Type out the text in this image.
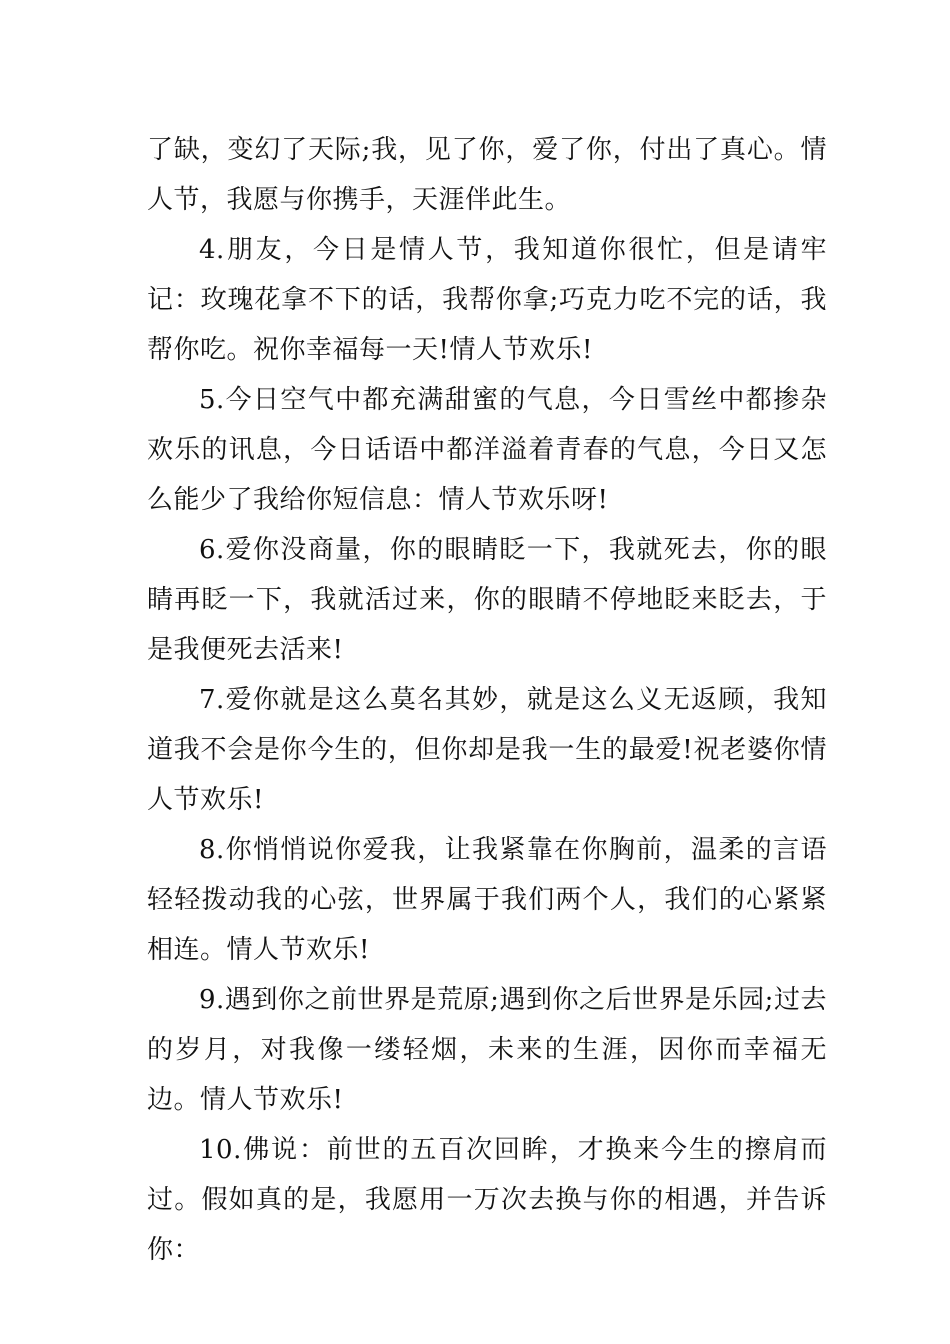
了缺，变幻了天际;我，见了你，爱了你，付出了真心。情人节，我愿与你携手，天涯伴此生。

4.朋友，今日是情人节，我知道你很忙，但是请牢记：玫瑰花拿不下的话，我帮你拿;巧克力吃不完的话，我帮你吃。祝你幸福每一天!情人节欢乐!

5.今日空气中都充满甜蜜的气息，今日雪丝中都掺杂欢乐的讯息，今日话语中都洋溢着青春的气息，今日又怎么能少了我给你短信息：情人节欢乐呀!

6.爱你没商量，你的眼睛眨一下，我就死去，你的眼睛再眨一下，我就活过来，你的眼睛不停地眨来眨去，于是我便死去活来!

7.爱你就是这么莫名其妙，就是这么义无返顾，我知道我不会是你今生的，但你却是我一生的最爱!祝老婆你情人节欢乐!

8.你悄悄说你爱我，让我紧靠在你胸前，温柔的言语轻轻拨动我的心弦，世界属于我们两个人，我们的心紧紧相连。情人节欢乐!

9.遇到你之前世界是荒原;遇到你之后世界是乐园;过去的岁月，对我像一缕轻烟，未来的生涯，因你而幸福无边。情人节欢乐!

10.佛说：前世的五百次回眸，才换来今生的擦肩而过。假如真的是，我愿用一万次去换与你的相遇，并告诉你：
